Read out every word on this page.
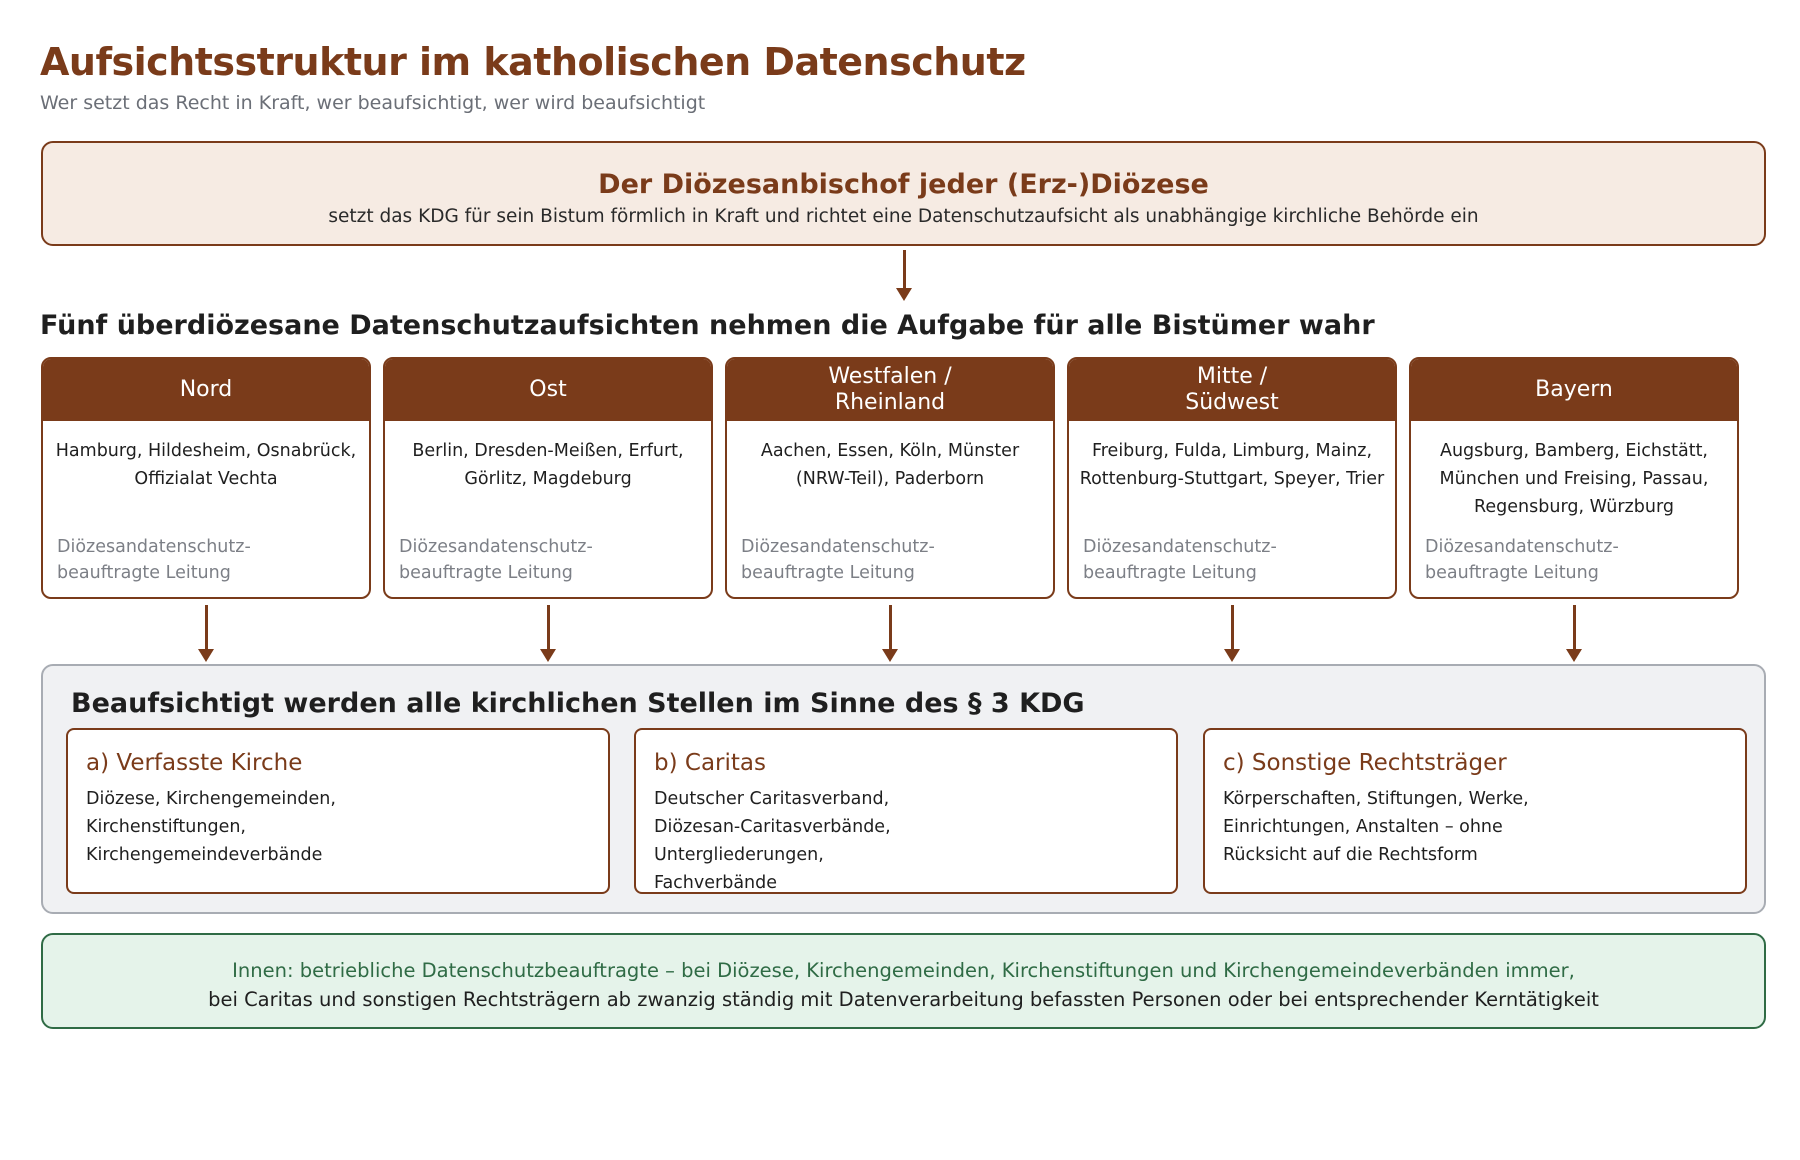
Aufsichtsstruktur im katholischen Datenschutz
Wer setzt das Recht in Kraft, wer beaufsichtigt, wer wird beaufsichtigt
Der Diözesanbischof jeder (Erz-)Diözese
setzt das KDG für sein Bistum förmlich in Kraft und richtet eine Datenschutzaufsicht als unabhängige kirchliche Behörde ein
Fünf überdiözesane Datenschutzaufsichten nehmen die Aufgabe für alle Bistümer wahr
Nord
Hamburg, Hildesheim, Osnabrück, Offizialat Vechta
Diözesandatenschutz-beauftragte Leitung
Ost
Berlin, Dresden-Meißen, Erfurt, Görlitz, Magdeburg
Diözesandatenschutz-beauftragte Leitung
Westfalen / Rheinland
Aachen, Essen, Köln, Münster (NRW-Teil), Paderborn
Diözesandatenschutz-beauftragte Leitung
Mitte / Südwest
Freiburg, Fulda, Limburg, Mainz, Rottenburg-Stuttgart, Speyer, Trier
Diözesandatenschutz-beauftragte Leitung
Bayern
Augsburg, Bamberg, Eichstätt, München und Freising, Passau, Regensburg, Würzburg
Diözesandatenschutz-beauftragte Leitung
Beaufsichtigt werden alle kirchlichen Stellen im Sinne des § 3 KDG
a) Verfasste Kirche
Diözese, Kirchengemeinden, Kirchenstiftungen, Kirchengemeindeverbände
b) Caritas
Deutscher Caritasverband, Diözesan-Caritasverbände, Untergliederungen, Fachverbände
c) Sonstige Rechtsträger
Körperschaften, Stiftungen, Werke, Einrichtungen, Anstalten – ohne Rücksicht auf die Rechtsform
Innen: betriebliche Datenschutzbeauftragte – bei Diözese, Kirchengemeinden, Kirchenstiftungen und Kirchengemeindeverbänden immer,
bei Caritas und sonstigen Rechtsträgern ab zwanzig ständig mit Datenverarbeitung befassten Personen oder bei entsprechender Kerntätigkeit
